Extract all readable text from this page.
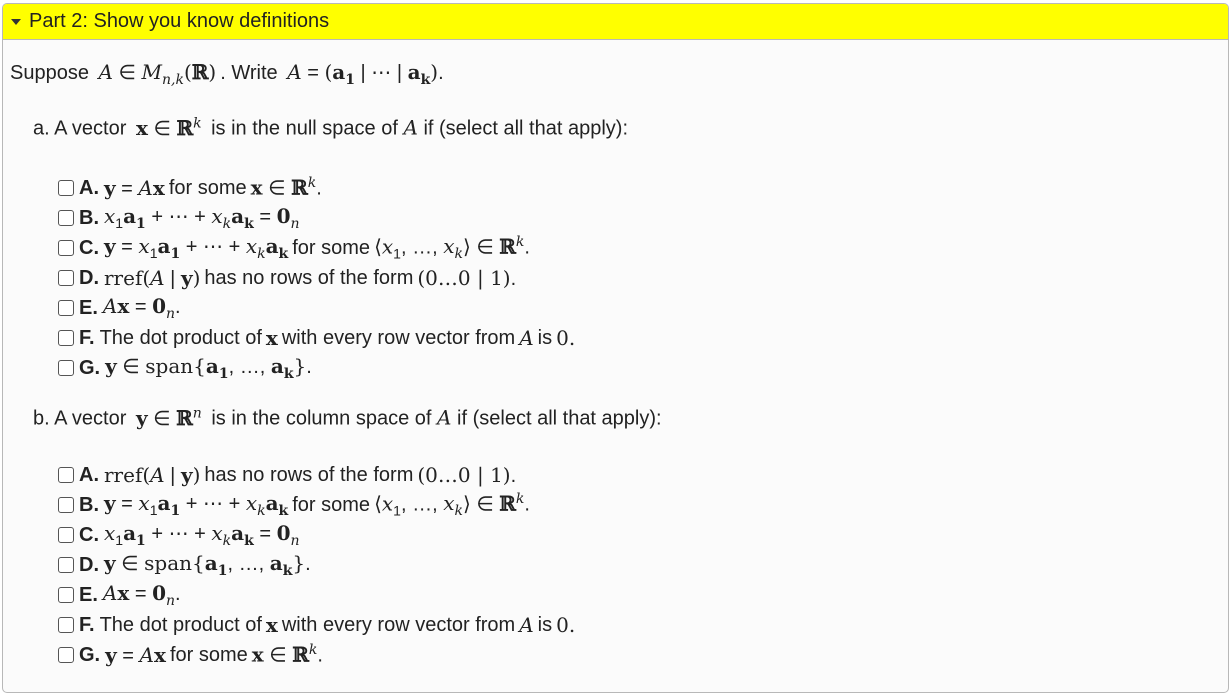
Part 2: Show you know definitions
Suppose A ∈ $M_{n,k}(ℝ)$ . Write $A = (a_1$ | ⋯ | $a_k$).
a. A vector x ∈ ℝ$^k$ is in the null space of A if (select all that apply):
A. y = Ax for some x ∈ ℝ$^k$.
B. $x_1a_1$ + ⋯ + $x_ka_k = 0_n$
C. $y = x_1a_1$ + ⋯ + $x_ka_k$ for some $⟨x_1$, …, $x_k⟩$ ∈ ℝ$^k$.
D. rref(A | y) has no rows of the form (0…0 | 1).
E. $Ax = 0_n$.
F. The dot product of x with every row vector from A is 0.
G. y ∈ $span\{a_1$, …, $a_k$}.
b. A vector y ∈ ℝ$^n$ is in the column space of A if (select all that apply):
A. rref(A | y) has no rows of the form (0…0 | 1).
B. $y = x_1a_1$ + ⋯ + $x_ka_k$ for some $⟨x_1$, …, $x_k⟩$ ∈ ℝ$^k$.
C. $x_1a_1$ + ⋯ + $x_ka_k = 0_n$
D. y ∈ $span\{a_1$, …, $a_k$}.
E. $Ax = 0_n$.
F. The dot product of x with every row vector from A is 0.
G. y = Ax for some x ∈ ℝ$^k$.
